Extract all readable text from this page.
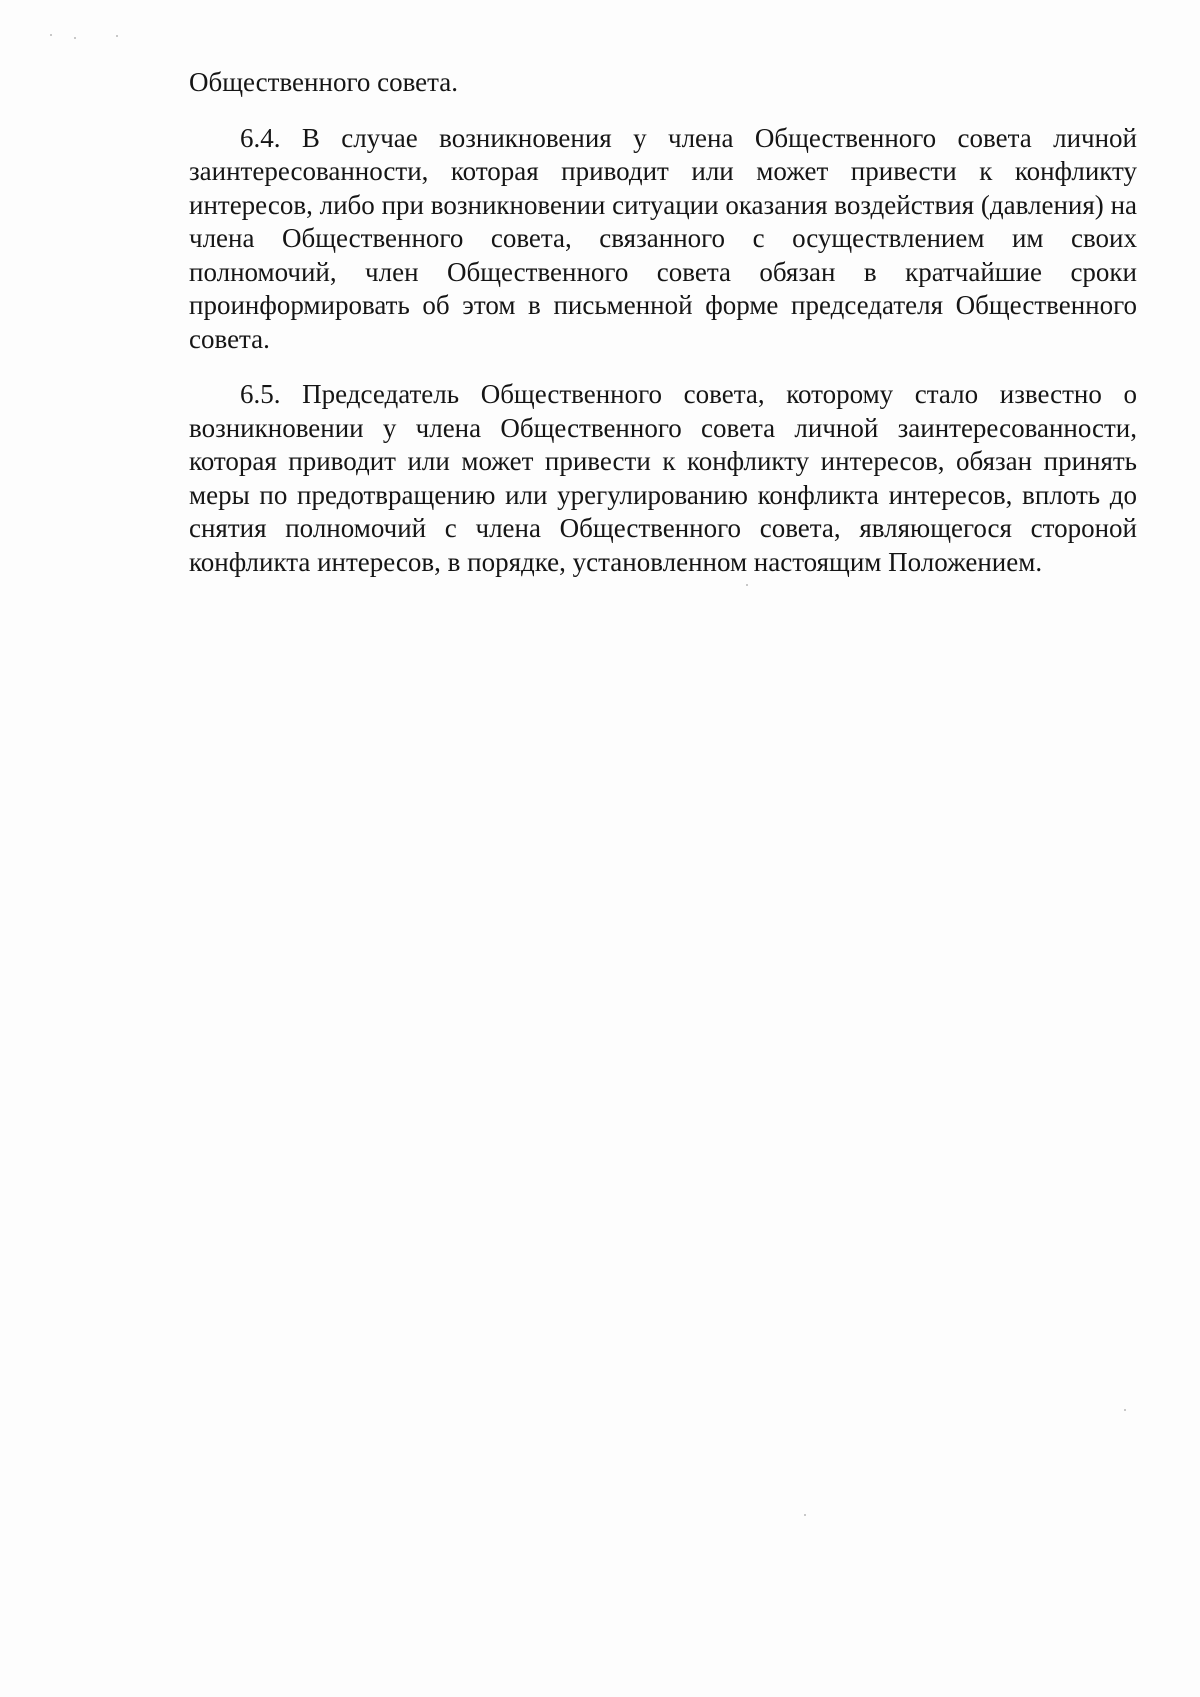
Общественного совета.

6.4. В случае возникновения у члена Общественного совета личной заинтересованности, которая приводит или может привести к конфликту интересов, либо при возникновении ситуации оказания воздействия (давления) на члена Общественного совета, связанного с осуществлением им своих полномочий, член Общественного совета обязан в кратчайшие сроки проинформировать об этом в письменной форме председателя Общественного совета.

6.5. Председатель Общественного совета, которому стало известно о возникновении у члена Общественного совета личной заинтересованности, которая приводит или может привести к конфликту интересов, обязан принять меры по предотвращению или урегулированию конфликта интересов, вплоть до снятия полномочий с члена Общественного совета, являющегося стороной конфликта интересов, в порядке, установленном настоящим Положением.
